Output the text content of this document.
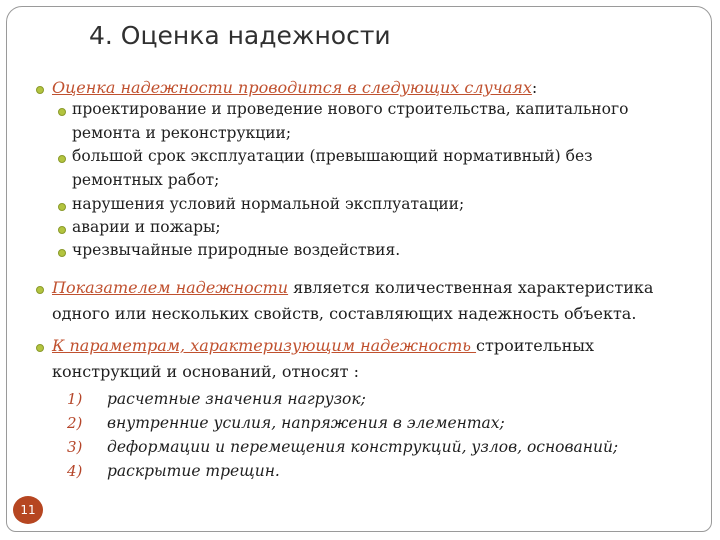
4. Оценка надежности
Оценка надежности проводится в следующих случаях:
проектирование и проведение нового строительства, капитального
ремонта и реконструкции;
большой срок эксплуатации (превышающий нормативный) без
ремонтных работ;
нарушения условий нормальной эксплуатации;
аварии и пожары;
чрезвычайные природные воздействия.
Показателем надежности является количественная характеристика
одного или нескольких свойств, составляющих надежность объекта.
К параметрам, характеризующим надежность строительных
конструкций и оснований, относят :
1) расчетные значения нагрузок;
2) внутренние усилия, напряжения в элементах;
3) деформации и перемещения конструкций, узлов, оснований;
4) раскрытие трещин.
11
